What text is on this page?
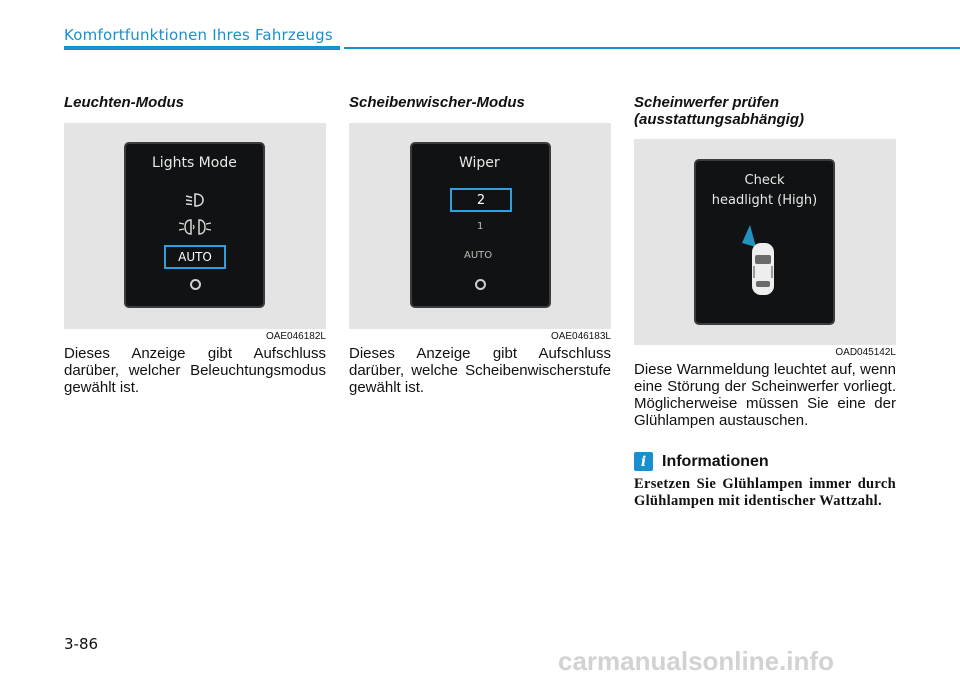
Komfortfunktionen Ihres Fahrzeugs
Leuchten-Modus
Lights Mode
AUTO
OAE046182L
Dieses Anzeige gibt Aufschluss darüber, welcher Beleuchtungsmodus gewählt ist.
Scheibenwischer-Modus
Wiper
2
1
AUTO
OAE046183L
Dieses Anzeige gibt Aufschluss darüber, welche Scheibenwischerstufe gewählt ist.
Scheinwerfer prüfen
(ausstattungsabhängig)
Check
headlight (High)
OAD045142L
Diese Warnmeldung leuchtet auf, wenn eine Störung der Scheinwerfer vorliegt. Möglicherweise müssen Sie eine der Glühlampen austauschen.
i Informationen
Ersetzen Sie Glühlampen immer durch Glühlampen mit identischer Wattzahl.
3-86
carmanualsonline.info
